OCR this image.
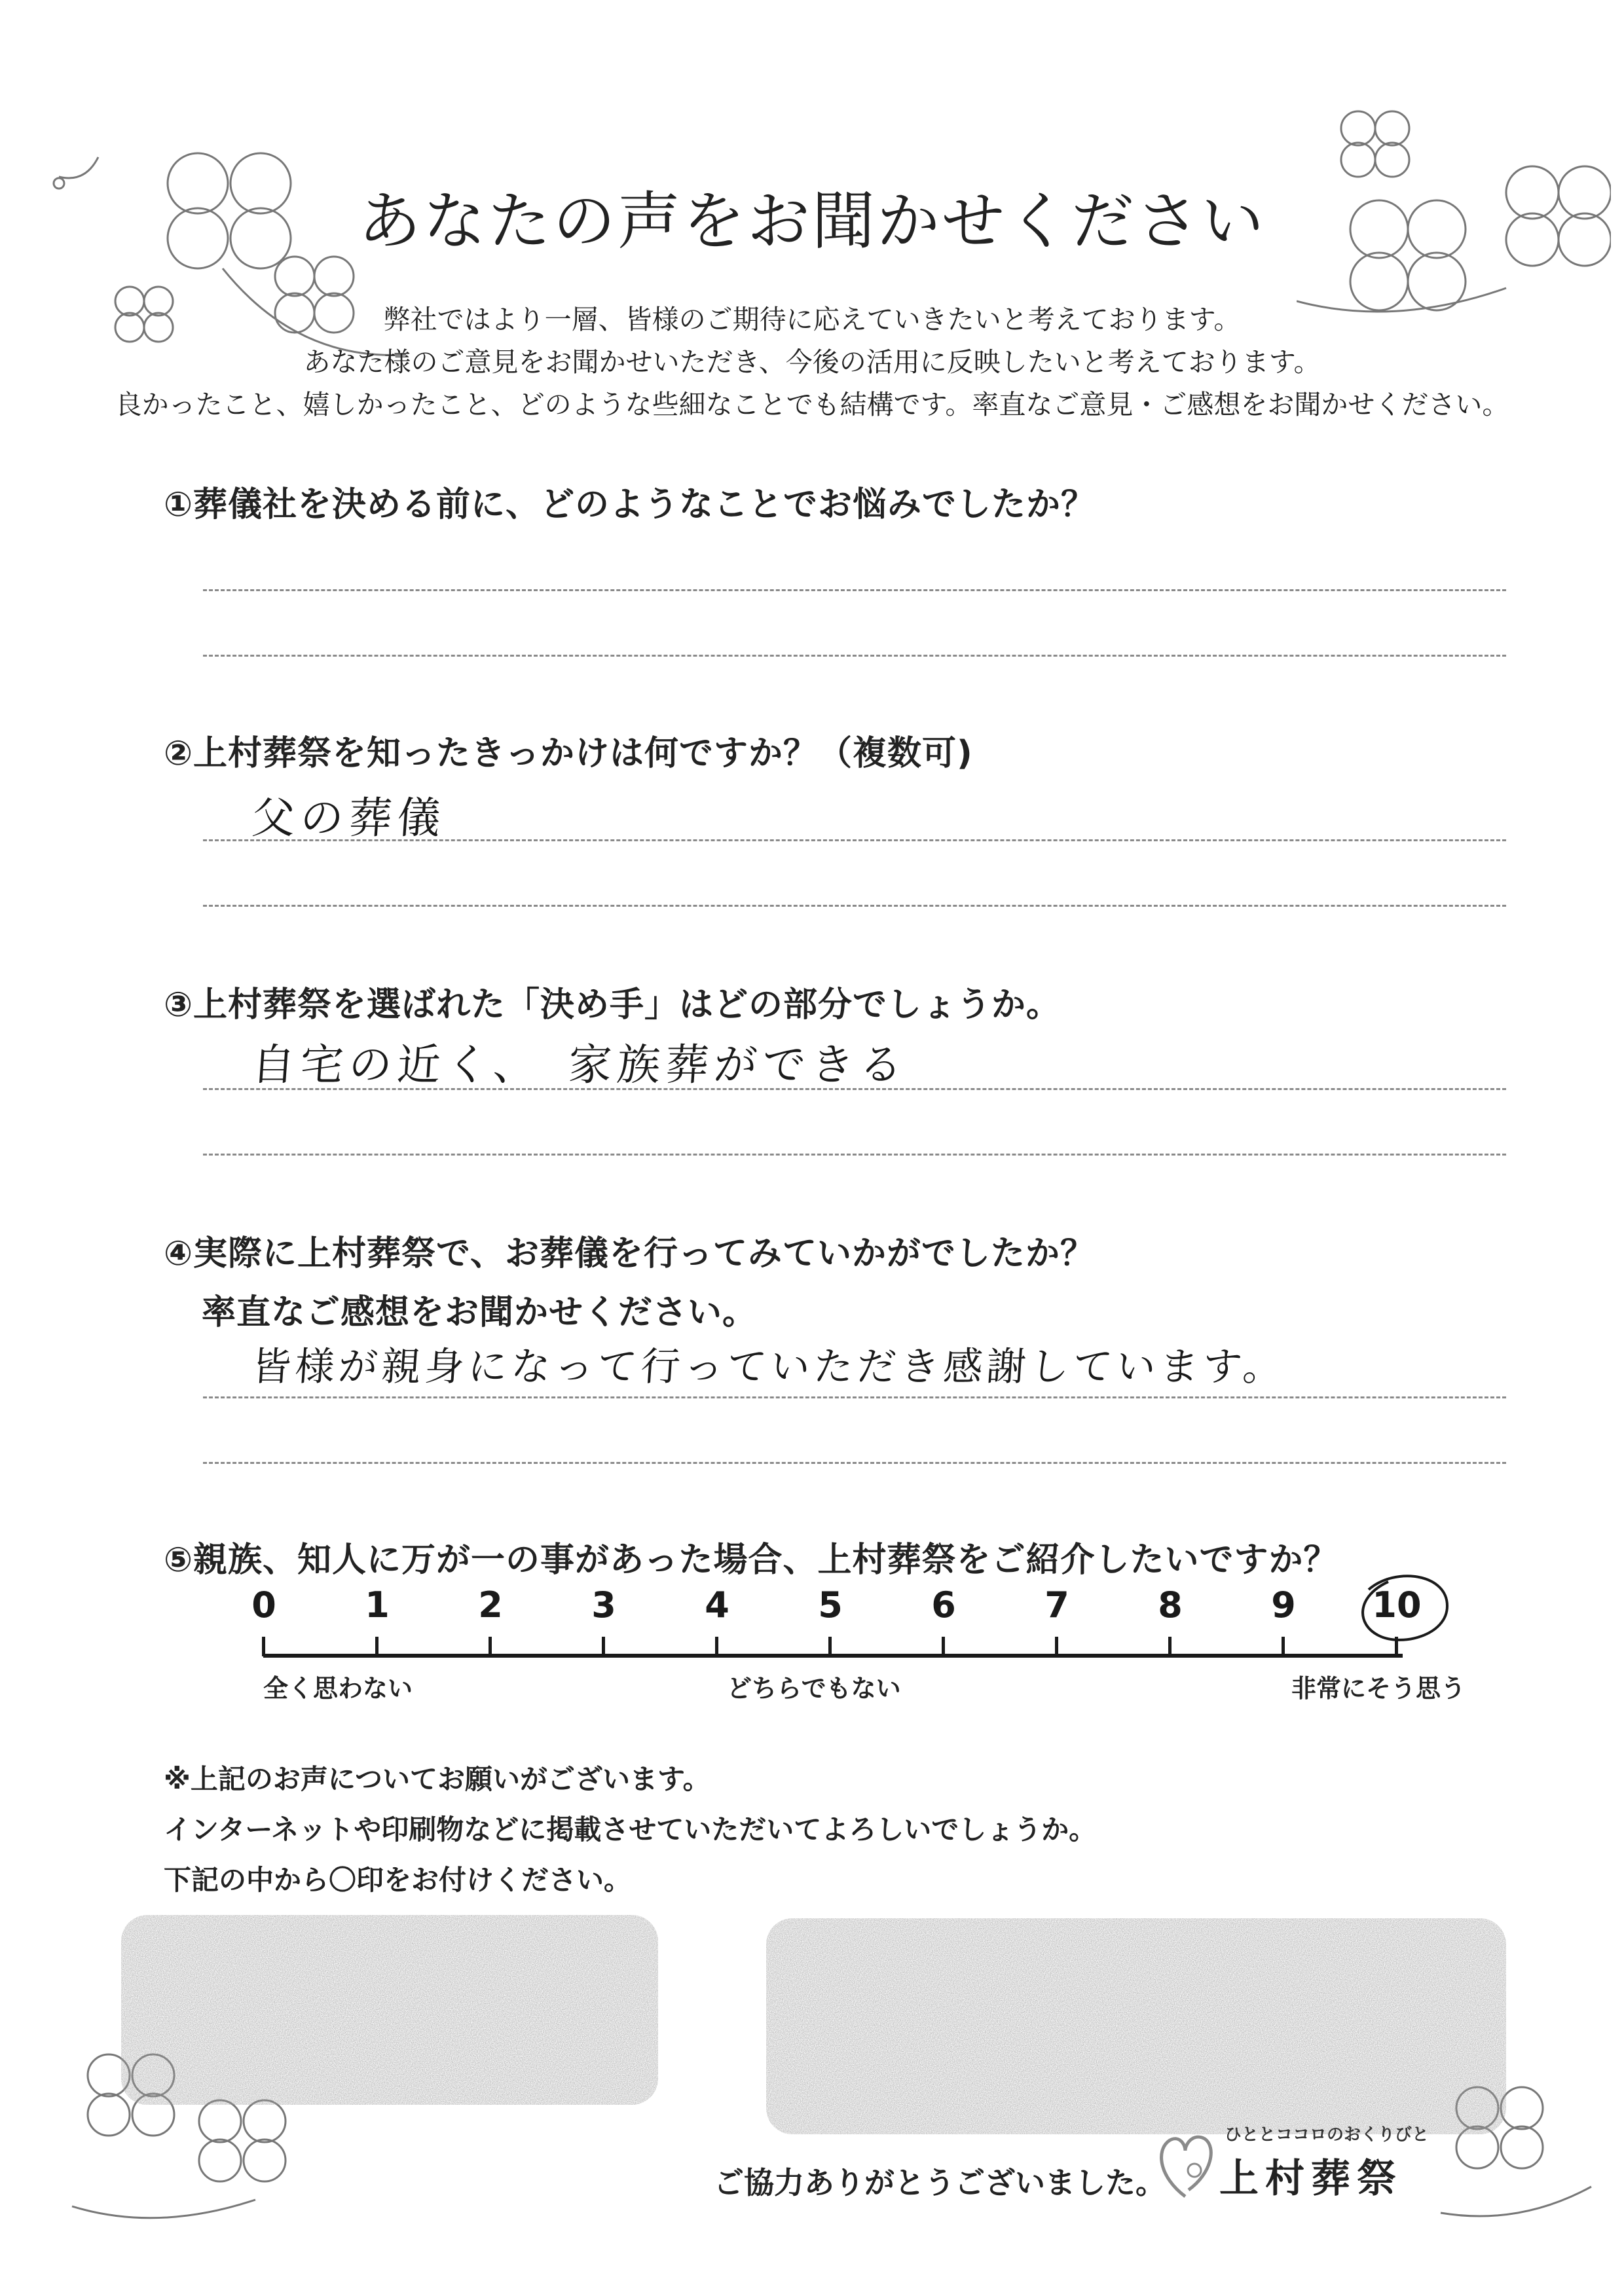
あなたの声をお聞かせください
弊社ではより一層、皆様のご期待に応えていきたいと考えております。
あなた様のご意見をお聞かせいただき、今後の活用に反映したいと考えております。
良かったこと、嬉しかったこと、どのような些細なことでも結構です。率直なご意見・ご感想をお聞かせください。
①葬儀社を決める前に、どのようなことでお悩みでしたか？
②上村葬祭を知ったきっかけは何ですか？（複数可)
父の葬儀
③上村葬祭を選ばれた「決め手」はどの部分でしょうか。
自宅の近く、　家族葬ができる
④実際に上村葬祭で、お葬儀を行ってみていかがでしたか？
率直なご感想をお聞かせください。
皆様が親身になって行っていただき感謝しています。
⑤親族、知人に万が一の事があった場合、上村葬祭をご紹介したいですか？
0	1	2	3	4	5	6	7	8	9	10
全く思わない	どちらでもない	非常にそう思う
※上記のお声についてお願いがございます。
インターネットや印刷物などに掲載させていただいてよろしいでしょうか。
下記の中から〇印をお付けください。
ご協力ありがとうございました。
ひととココロのおくりびと
上村葬祭
